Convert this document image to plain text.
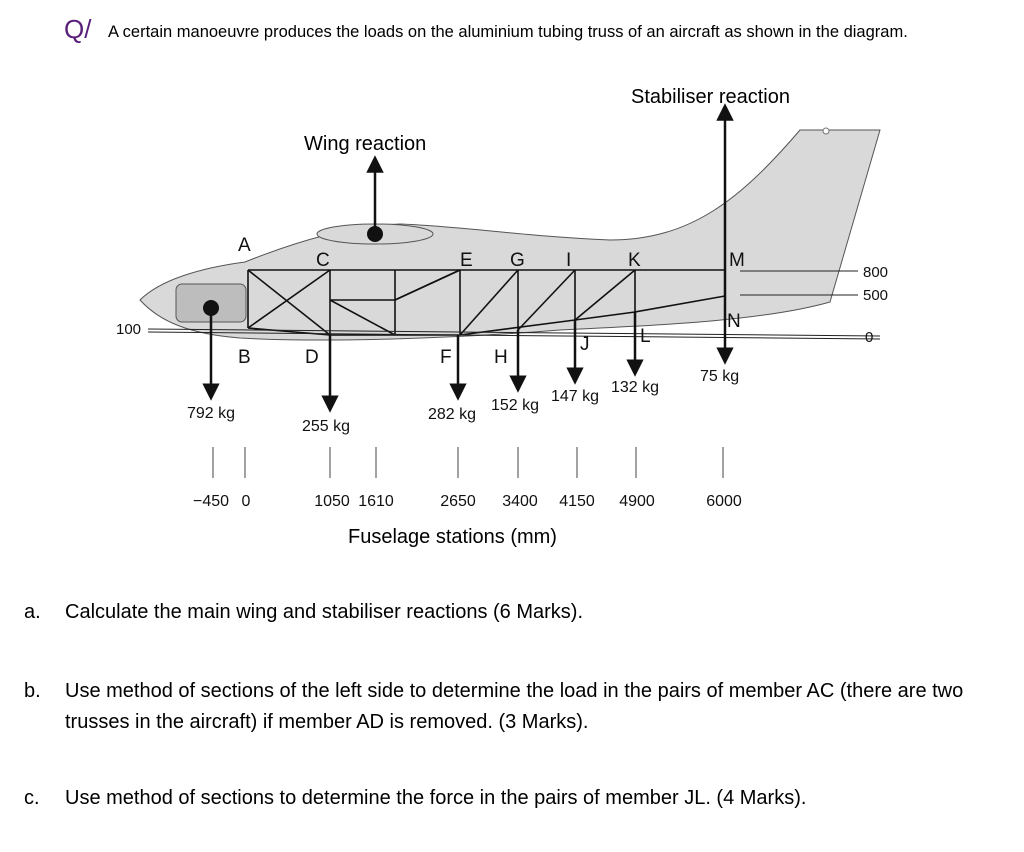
Q/ A certain manoeuvre produces the loads on the aluminium tubing truss of an aircraft as shown in the diagram.
Stabiliser reaction
Wing reaction
A
B
C
D
E
F
G
H
I
J
K
L
M
N
800
500
0
100
792 kg
255 kg
282 kg
152 kg
147 kg
132 kg
75 kg
−450 0	1050 1610	2650 3400 4150 4900	6000
Fuselage stations (mm)
a. Calculate the main wing and stabiliser reactions (6 Marks).
b. Use method of sections of the left side to determine the load in the pairs of member AC (there are two trusses in the aircraft) if member AD is removed. (3 Marks).
c. Use method of sections to determine the force in the pairs of member JL. (4 Marks).
